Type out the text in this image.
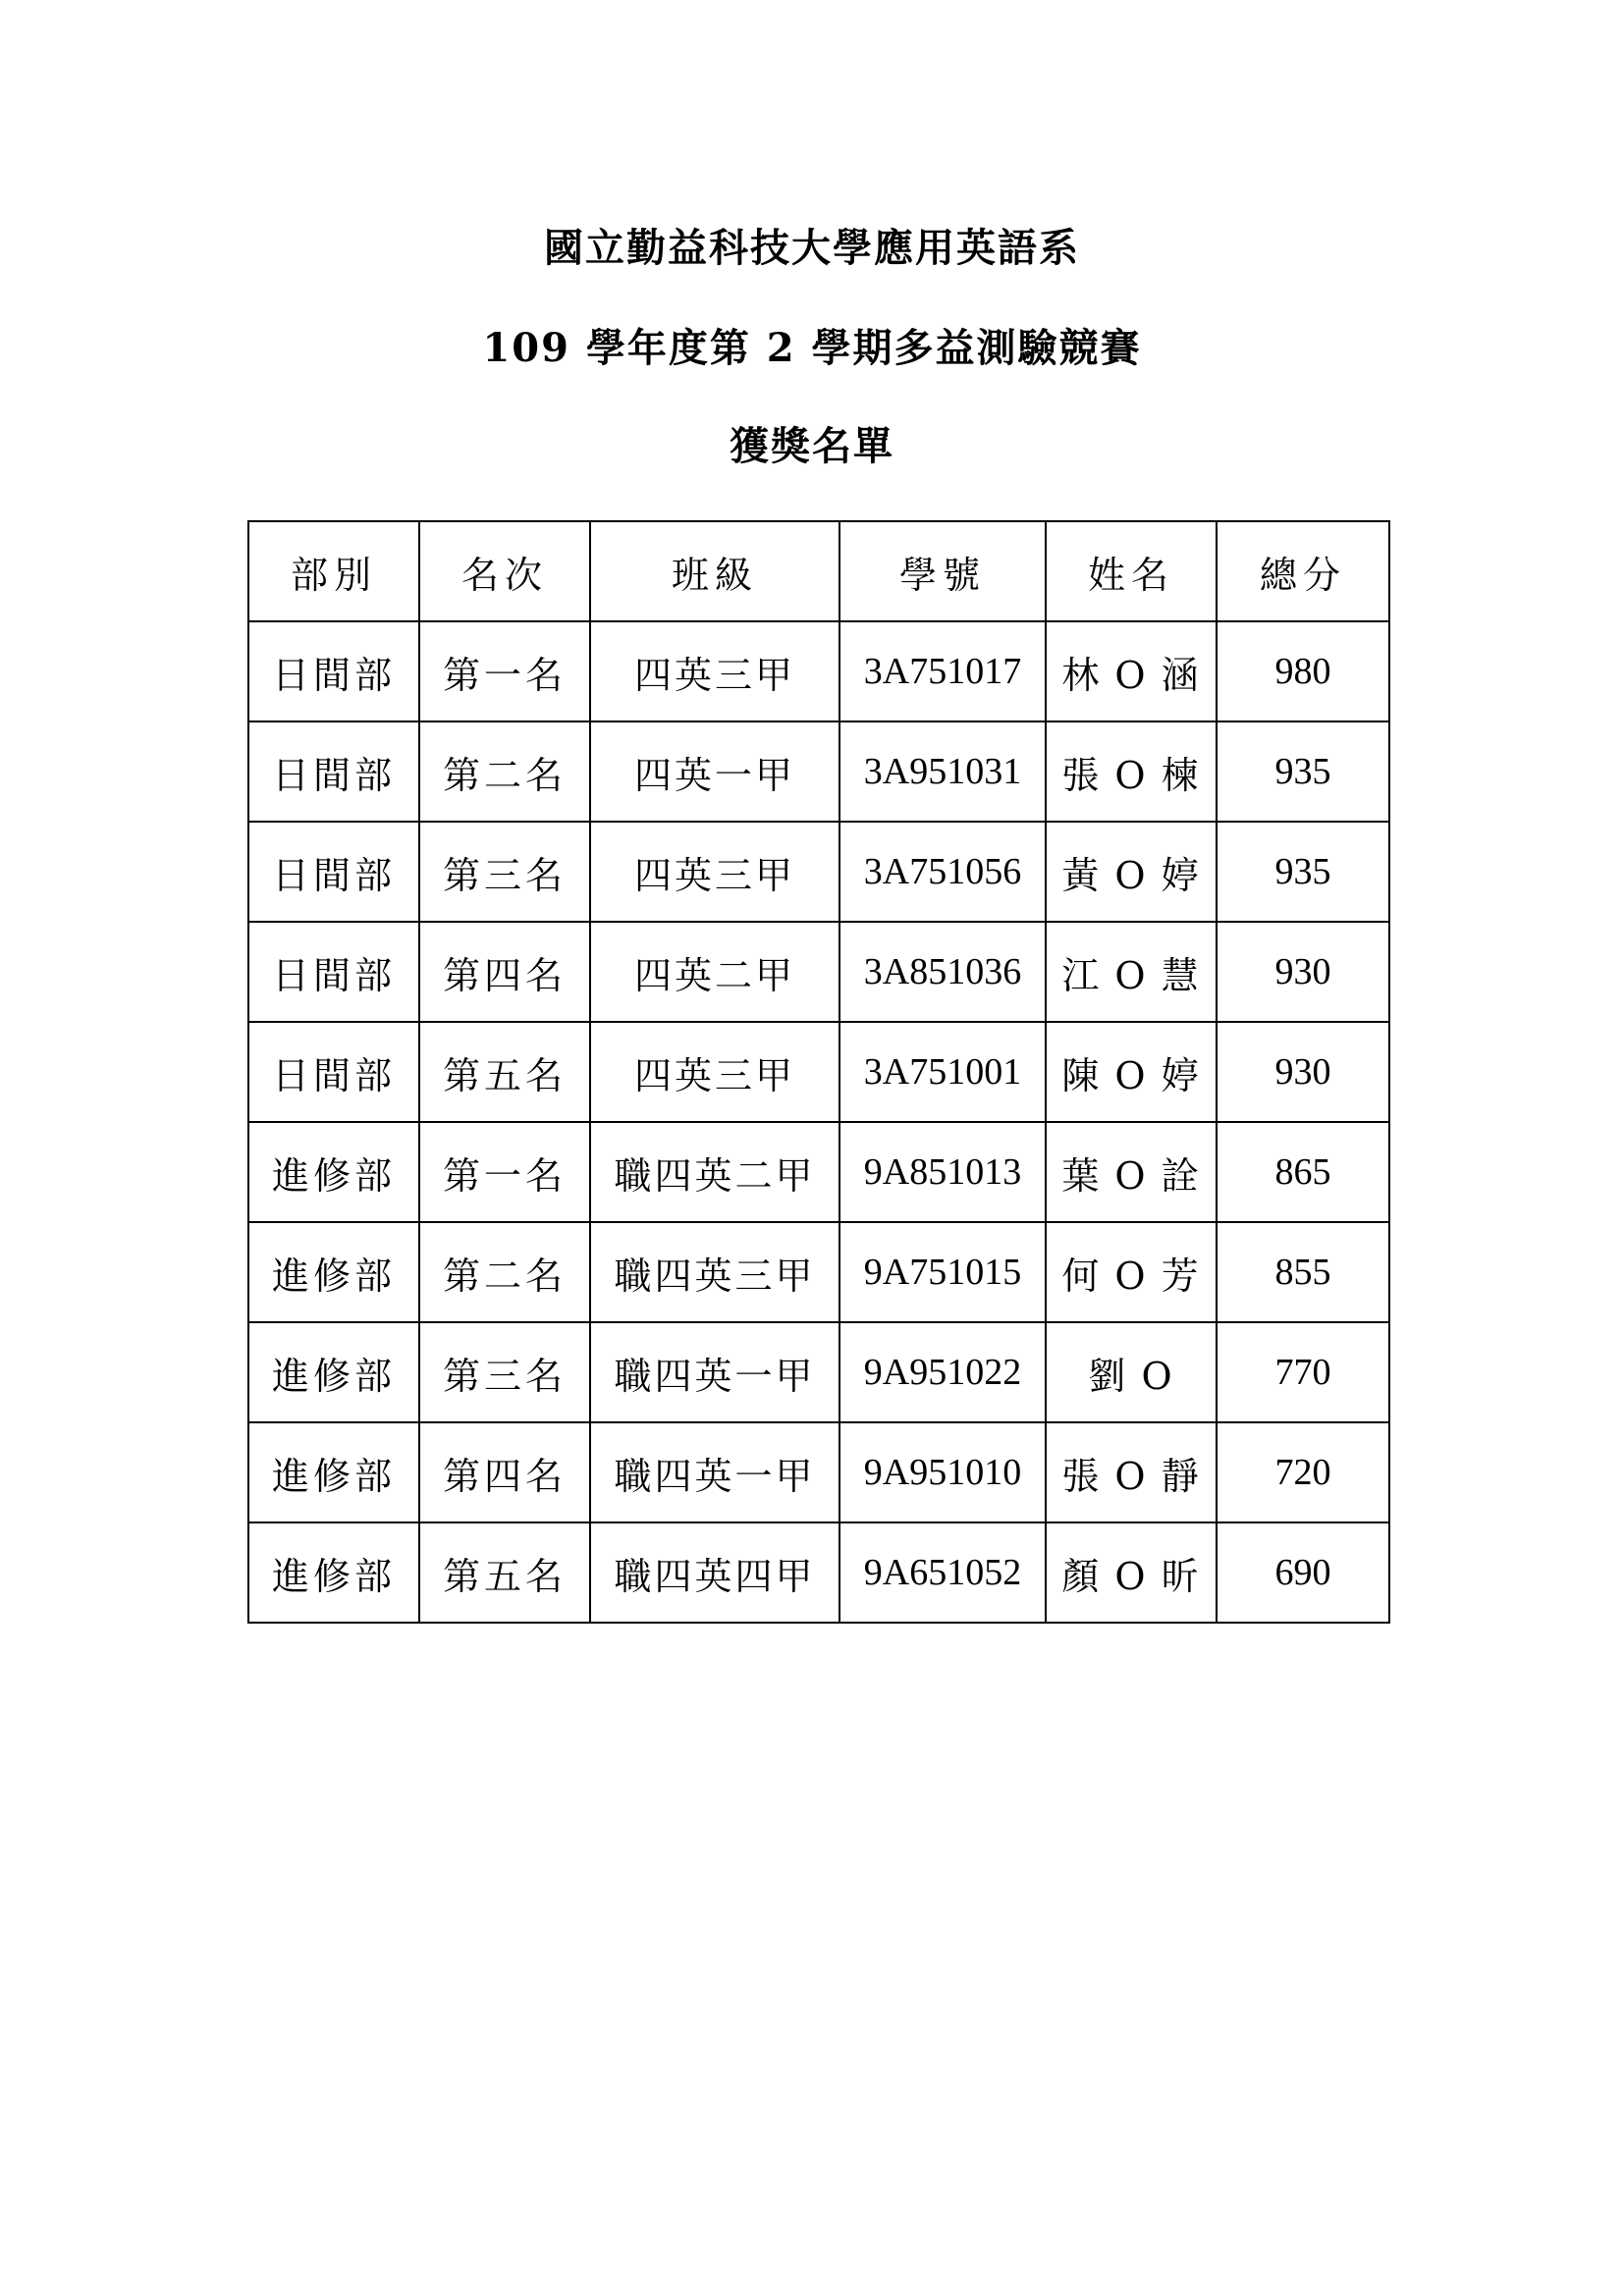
國立勤益科技大學應用英語系
109 學年度第 2 學期多益測驗競賽
獲獎名單
部別	名次	班級	學號	姓名	總分
日間部	第一名	四英三甲	3A751017	林 O 涵	980
日間部	第二名	四英一甲	3A951031	張 O 楝	935
日間部	第三名	四英三甲	3A751056	黃 O 婷	935
日間部	第四名	四英二甲	3A851036	江 O 慧	930
日間部	第五名	四英三甲	3A751001	陳 O 婷	930
進修部	第一名	職四英二甲	9A851013	葉 O 詮	865
進修部	第二名	職四英三甲	9A751015	何 O 芳	855
進修部	第三名	職四英一甲	9A951022	劉 O	770
進修部	第四名	職四英一甲	9A951010	張 O 靜	720
進修部	第五名	職四英四甲	9A651052	顏 O 昕	690
